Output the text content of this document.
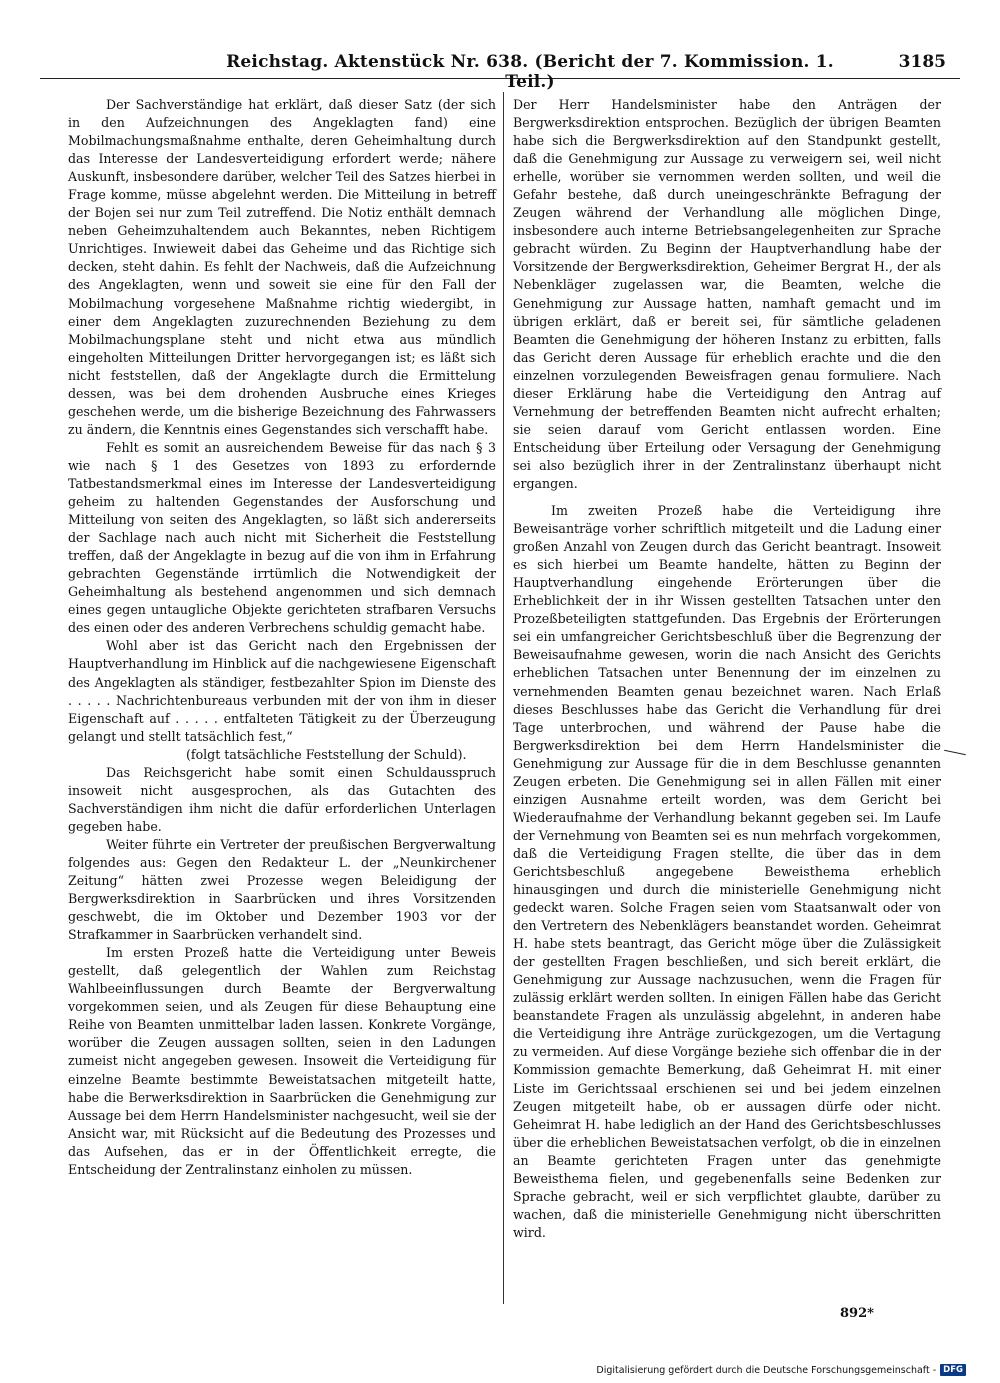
Reichstag. Aktenstück Nr. 638. (Bericht der 7. Kommission. 1. Teil.)
3185

Der Sachverständige hat erklärt, daß dieser Satz (der sich in den Aufzeichnungen des Angeklagten fand) eine Mobilmachungsmaßnahme enthalte, deren Geheimhaltung durch das Interesse der Landesverteidigung erfordert werde; nähere Auskunft, insbesondere darüber, welcher Teil des Satzes hierbei in Frage komme, müsse abgelehnt werden. Die Mitteilung in betreff der Bojen sei nur zum Teil zutreffend. Die Notiz enthält demnach neben Geheimzuhaltendem auch Bekanntes, neben Richtigem Unrichtiges. Inwieweit dabei das Geheime und das Richtige sich decken, steht dahin. Es fehlt der Nachweis, daß die Aufzeichnung des Angeklagten, wenn und soweit sie eine für den Fall der Mobilmachung vorgesehene Maßnahme richtig wiedergibt, in einer dem Angeklagten zuzurechnenden Beziehung zu dem Mobilmachungsplane steht und nicht etwa aus mündlich eingeholten Mitteilungen Dritter hervorgegangen ist; es läßt sich nicht feststellen, daß der Angeklagte durch die Ermittelung dessen, was bei dem drohenden Ausbruche eines Krieges geschehen werde, um die bisherige Bezeichnung des Fahrwassers zu ändern, die Kenntnis eines Gegenstandes sich verschafft habe.

Fehlt es somit an ausreichendem Beweise für das nach § 3 wie nach § 1 des Gesetzes von 1893 zu erfordernde Tatbestandsmerkmal eines im Interesse der Landesverteidigung geheim zu haltenden Gegenstandes der Ausforschung und Mitteilung von seiten des Angeklagten, so läßt sich andererseits der Sachlage nach auch nicht mit Sicherheit die Feststellung treffen, daß der Angeklagte in bezug auf die von ihm in Erfahrung gebrachten Gegenstände irrtümlich die Notwendigkeit der Geheimhaltung als bestehend angenommen und sich demnach eines gegen untaugliche Objekte gerichteten strafbaren Versuchs des einen oder des anderen Verbrechens schuldig gemacht habe.

Wohl aber ist das Gericht nach den Ergebnissen der Hauptverhandlung im Hinblick auf die nachgewiesene Eigenschaft des Angeklagten als ständiger, festbezahlter Spion im Dienste des . . . . . Nachrichtenbureaus verbunden mit der von ihm in dieser Eigenschaft auf . . . . . entfalteten Tätigkeit zu der Überzeugung gelangt und stellt tatsächlich fest,“

(folgt tatsächliche Feststellung der Schuld).

Das Reichsgericht habe somit einen Schuldausspruch insoweit nicht ausgesprochen, als das Gutachten des Sachverständigen ihm nicht die dafür erforderlichen Unterlagen gegeben habe.

Weiter führte ein Vertreter der preußischen Bergverwaltung folgendes aus: Gegen den Redakteur L. der „Neunkirchener Zeitung“ hätten zwei Prozesse wegen Beleidigung der Bergwerksdirektion in Saarbrücken und ihres Vorsitzenden geschwebt, die im Oktober und Dezember 1903 vor der Strafkammer in Saarbrücken verhandelt sind.

Im ersten Prozeß hatte die Verteidigung unter Beweis gestellt, daß gelegentlich der Wahlen zum Reichstag Wahlbeeinflussungen durch Beamte der Bergverwaltung vorgekommen seien, und als Zeugen für diese Behauptung eine Reihe von Beamten unmittelbar laden lassen. Konkrete Vorgänge, worüber die Zeugen aussagen sollten, seien in den Ladungen zumeist nicht angegeben gewesen. Insoweit die Verteidigung für einzelne Beamte bestimmte Beweistatsachen mitgeteilt hatte, habe die Berwerksdirektion in Saarbrücken die Genehmigung zur Aussage bei dem Herrn Handelsminister nachgesucht, weil sie der Ansicht war, mit Rücksicht auf die Bedeutung des Prozesses und das Aufsehen, das er in der Öffentlichkeit erregte, die Entscheidung der Zentralinstanz einholen zu müssen.

Der Herr Handelsminister habe den Anträgen der Bergwerksdirektion entsprochen. Bezüglich der übrigen Beamten habe sich die Bergwerksdirektion auf den Standpunkt gestellt, daß die Genehmigung zur Aussage zu verweigern sei, weil nicht erhelle, worüber sie vernommen werden sollten, und weil die Gefahr bestehe, daß durch uneingeschränkte Befragung der Zeugen während der Verhandlung alle möglichen Dinge, insbesondere auch interne Betriebsangelegenheiten zur Sprache gebracht würden. Zu Beginn der Hauptverhandlung habe der Vorsitzende der Bergwerksdirektion, Geheimer Bergrat H., der als Nebenkläger zugelassen war, die Beamten, welche die Genehmigung zur Aussage hatten, namhaft gemacht und im übrigen erklärt, daß er bereit sei, für sämtliche geladenen Beamten die Genehmigung der höheren Instanz zu erbitten, falls das Gericht deren Aussage für erheblich erachte und die den einzelnen vorzulegenden Beweisfragen genau formuliere. Nach dieser Erklärung habe die Verteidigung den Antrag auf Vernehmung der betreffenden Beamten nicht aufrecht erhalten; sie seien darauf vom Gericht entlassen worden. Eine Entscheidung über Erteilung oder Versagung der Genehmigung sei also bezüglich ihrer in der Zentralinstanz überhaupt nicht ergangen.

Im zweiten Prozeß habe die Verteidigung ihre Beweisanträge vorher schriftlich mitgeteilt und die Ladung einer großen Anzahl von Zeugen durch das Gericht beantragt. Insoweit es sich hierbei um Beamte handelte, hätten zu Beginn der Hauptverhandlung eingehende Erörterungen über die Erheblichkeit der in ihr Wissen gestellten Tatsachen unter den Prozeßbeteiligten stattgefunden. Das Ergebnis der Erörterungen sei ein umfangreicher Gerichtsbeschluß über die Begrenzung der Beweisaufnahme gewesen, worin die nach Ansicht des Gerichts erheblichen Tatsachen unter Benennung der im einzelnen zu vernehmenden Beamten genau bezeichnet waren. Nach Erlaß dieses Beschlusses habe das Gericht die Verhandlung für drei Tage unterbrochen, und während der Pause habe die Bergwerksdirektion bei dem Herrn Handelsminister die Genehmigung zur Aussage für die in dem Beschlusse genannten Zeugen erbeten. Die Genehmigung sei in allen Fällen mit einer einzigen Ausnahme erteilt worden, was dem Gericht bei Wiederaufnahme der Verhandlung bekannt gegeben sei. Im Laufe der Vernehmung von Beamten sei es nun mehrfach vorgekommen, daß die Verteidigung Fragen stellte, die über das in dem Gerichtsbeschluß angegebene Beweisthema erheblich hinausgingen und durch die ministerielle Genehmigung nicht gedeckt waren. Solche Fragen seien vom Staatsanwalt oder von den Vertretern des Nebenklägers beanstandet worden. Geheimrat H. habe stets beantragt, das Gericht möge über die Zulässigkeit der gestellten Fragen beschließen, und sich bereit erklärt, die Genehmigung zur Aussage nachzusuchen, wenn die Fragen für zulässig erklärt werden sollten. In einigen Fällen habe das Gericht beanstandete Fragen als unzulässig abgelehnt, in anderen habe die Verteidigung ihre Anträge zurückgezogen, um die Vertagung zu vermeiden. Auf diese Vorgänge beziehe sich offenbar die in der Kommission gemachte Bemerkung, daß Geheimrat H. mit einer Liste im Gerichtssaal erschienen sei und bei jedem einzelnen Zeugen mitgeteilt habe, ob er aussagen dürfe oder nicht. Geheimrat H. habe lediglich an der Hand des Gerichtsbeschlusses über die erheblichen Beweistatsachen verfolgt, ob die in einzelnen an Beamte gerichteten Fragen unter das genehmigte Beweisthema fielen, und gegebenenfalls seine Bedenken zur Sprache gebracht, weil er sich verpflichtet glaubte, darüber zu wachen, daß die ministerielle Genehmigung nicht überschritten wird.

892*
Digitalisierung gefördert durch die Deutsche Forschungsgemeinschaft - DFG
